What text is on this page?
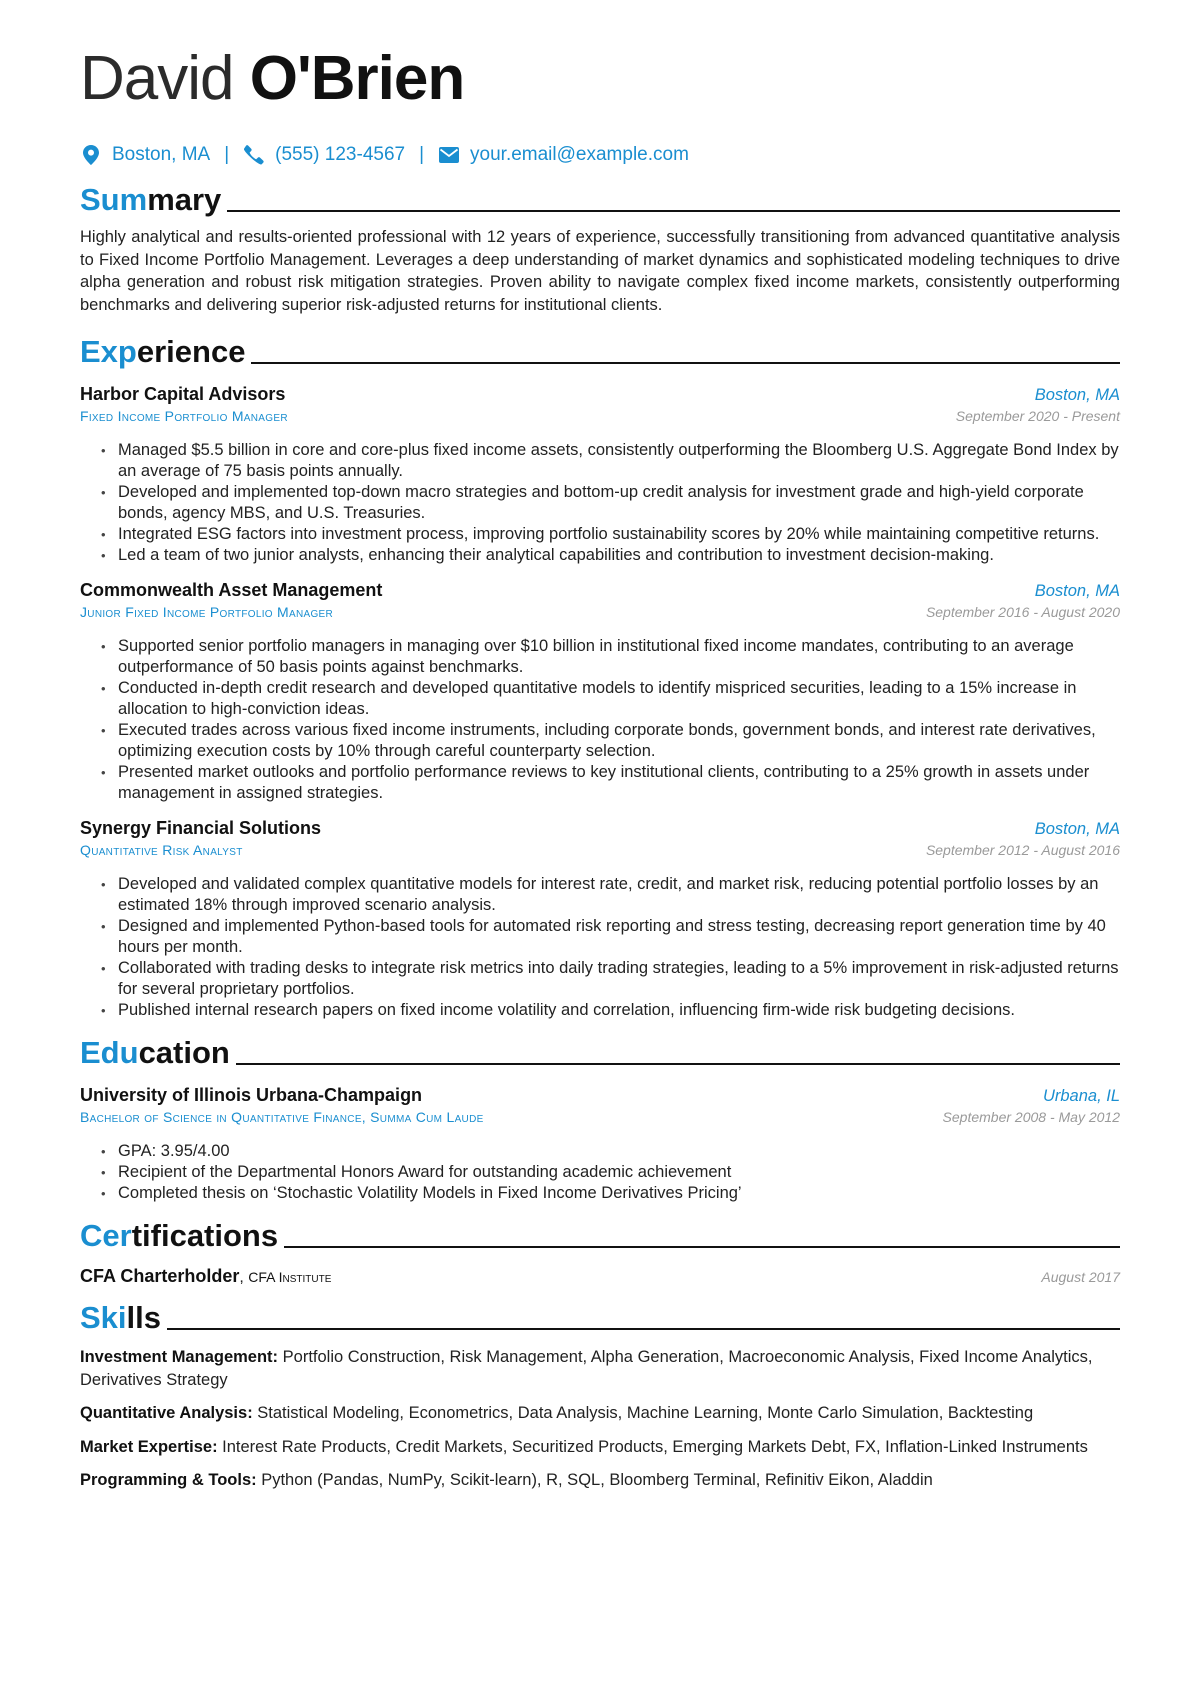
David O'Brien
Boston, MA | (555) 123-4567 | your.email@example.com
Summary
Highly analytical and results-oriented professional with 12 years of experience, successfully transitioning from advanced quantitative analysis to Fixed Income Portfolio Management. Leverages a deep understanding of market dynamics and sophisticated modeling techniques to drive alpha generation and robust risk mitigation strategies. Proven ability to navigate complex fixed income markets, consistently outperforming benchmarks and delivering superior risk-adjusted returns for institutional clients.
Experience
Harbor Capital Advisors	Boston, MA
Fixed Income Portfolio Manager	September 2020 - Present
• Managed $5.5 billion in core and core-plus fixed income assets, consistently outperforming the Bloomberg U.S. Aggregate Bond Index by an average of 75 basis points annually.
• Developed and implemented top-down macro strategies and bottom-up credit analysis for investment grade and high-yield corporate bonds, agency MBS, and U.S. Treasuries.
• Integrated ESG factors into investment process, improving portfolio sustainability scores by 20% while maintaining competitive returns.
• Led a team of two junior analysts, enhancing their analytical capabilities and contribution to investment decision-making.
Commonwealth Asset Management	Boston, MA
Junior Fixed Income Portfolio Manager	September 2016 - August 2020
• Supported senior portfolio managers in managing over $10 billion in institutional fixed income mandates, contributing to an average outperformance of 50 basis points against benchmarks.
• Conducted in-depth credit research and developed quantitative models to identify mispriced securities, leading to a 15% increase in allocation to high-conviction ideas.
• Executed trades across various fixed income instruments, including corporate bonds, government bonds, and interest rate derivatives, optimizing execution costs by 10% through careful counterparty selection.
• Presented market outlooks and portfolio performance reviews to key institutional clients, contributing to a 25% growth in assets under management in assigned strategies.
Synergy Financial Solutions	Boston, MA
Quantitative Risk Analyst	September 2012 - August 2016
• Developed and validated complex quantitative models for interest rate, credit, and market risk, reducing potential portfolio losses by an estimated 18% through improved scenario analysis.
• Designed and implemented Python-based tools for automated risk reporting and stress testing, decreasing report generation time by 40 hours per month.
• Collaborated with trading desks to integrate risk metrics into daily trading strategies, leading to a 5% improvement in risk-adjusted returns for several proprietary portfolios.
• Published internal research papers on fixed income volatility and correlation, influencing firm-wide risk budgeting decisions.
Education
University of Illinois Urbana-Champaign	Urbana, IL
Bachelor of Science in Quantitative Finance, Summa Cum Laude	September 2008 - May 2012
• GPA: 3.95/4.00
• Recipient of the Departmental Honors Award for outstanding academic achievement
• Completed thesis on ‘Stochastic Volatility Models in Fixed Income Derivatives Pricing’
Certifications
CFA Charterholder, CFA Institute	August 2017
Skills
Investment Management: Portfolio Construction, Risk Management, Alpha Generation, Macroeconomic Analysis, Fixed Income Analytics, Derivatives Strategy
Quantitative Analysis: Statistical Modeling, Econometrics, Data Analysis, Machine Learning, Monte Carlo Simulation, Backtesting
Market Expertise: Interest Rate Products, Credit Markets, Securitized Products, Emerging Markets Debt, FX, Inflation-Linked Instruments
Programming & Tools: Python (Pandas, NumPy, Scikit-learn), R, SQL, Bloomberg Terminal, Refinitiv Eikon, Aladdin
